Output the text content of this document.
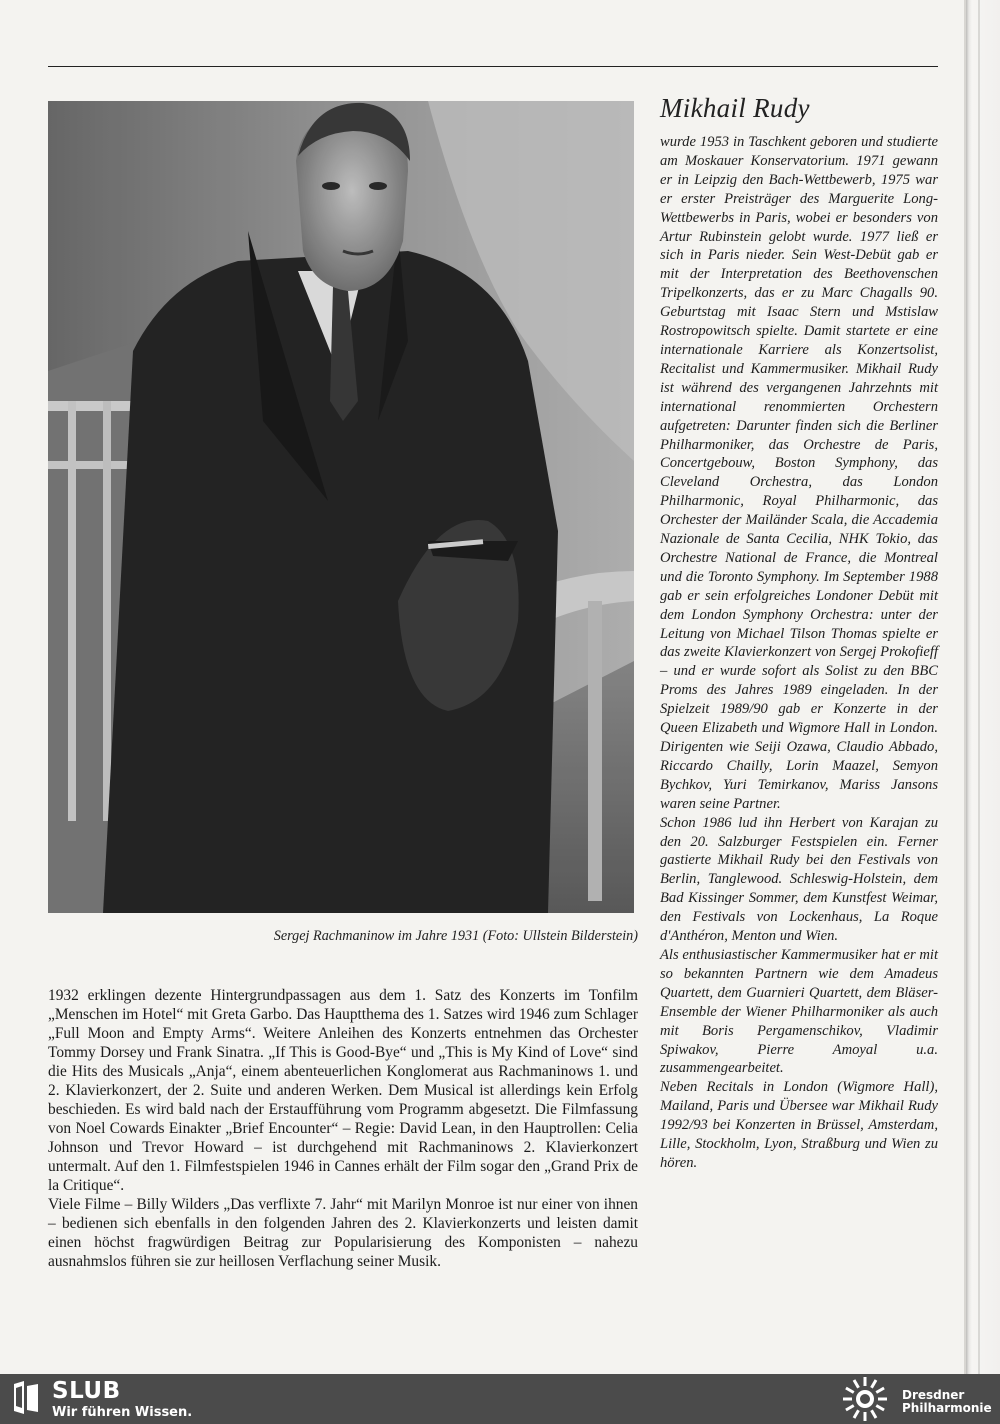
Sergej Rachmaninow im Jahre 1931 (Foto: Ullstein Bilderstein)

1932 erklingen dezente Hintergrundpassagen aus dem 1. Satz des Konzerts im Tonfilm „Menschen im Hotel“ mit Greta Garbo. Das Hauptthema des 1. Satzes wird 1946 zum Schlager „Full Moon and Empty Arms“. Weitere Anleihen des Konzerts entnehmen das Orchester Tommy Dorsey und Frank Sinatra. „If This is Good-Bye“ und „This is My Kind of Love“ sind die Hits des Musicals „Anja“, einem abenteuerlichen Konglomerat aus Rachmaninows 1. und 2. Klavierkonzert, der 2. Suite und anderen Werken. Dem Musical ist allerdings kein Erfolg beschieden. Es wird bald nach der Erstaufführung vom Programm abgesetzt. Die Filmfassung von Noel Cowards Einakter „Brief Encounter“ – Regie: David Lean, in den Hauptrollen: Celia Johnson und Trevor Howard – ist durchgehend mit Rachmaninows 2. Klavierkonzert untermalt. Auf den 1. Filmfestspielen 1946 in Cannes erhält der Film sogar den „Grand Prix de la Critique“.

Viele Filme – Billy Wilders „Das verflixte 7. Jahr“ mit Marilyn Monroe ist nur einer von ihnen – bedienen sich ebenfalls in den folgenden Jahren des 2. Klavierkonzerts und leisten damit einen höchst fragwürdigen Beitrag zur Popularisierung des Komponisten – nahezu ausnahmslos führen sie zur heillosen Verflachung seiner Musik.

Mikhail Rudy

wurde 1953 in Taschkent geboren und studierte am Moskauer Konservatorium. 1971 gewann er in Leipzig den Bach-Wettbewerb, 1975 war er erster Preisträger des Marguerite Long-Wettbewerbs in Paris, wobei er besonders von Artur Rubinstein gelobt wurde. 1977 ließ er sich in Paris nieder. Sein West-Debüt gab er mit der Interpretation des Beethovenschen Tripelkonzerts, das er zu Marc Chagalls 90. Geburtstag mit Isaac Stern und Mstislaw Rostropowitsch spielte. Damit startete er eine internationale Karriere als Konzertsolist, Recitalist und Kammermusiker. Mikhail Rudy ist während des vergangenen Jahrzehnts mit international renommierten Orchestern aufgetreten: Darunter finden sich die Berliner Philharmoniker, das Orchestre de Paris, Concertgebouw, Boston Symphony, das Cleveland Orchestra, das London Philharmonic, Royal Philharmonic, das Orchester der Mailänder Scala, die Accademia Nazionale de Santa Cecilia, NHK Tokio, das Orchestre National de France, die Montreal und die Toronto Symphony. Im September 1988 gab er sein erfolgreiches Londoner Debüt mit dem London Symphony Orchestra: unter der Leitung von Michael Tilson Thomas spielte er das zweite Klavierkonzert von Sergej Prokofieff – und er wurde sofort als Solist zu den BBC Proms des Jahres 1989 eingeladen. In der Spielzeit 1989/90 gab er Konzerte in der Queen Elizabeth und Wigmore Hall in London. Dirigenten wie Seiji Ozawa, Claudio Abbado, Riccardo Chailly, Lorin Maazel, Semyon Bychkov, Yuri Temirkanov, Mariss Jansons waren seine Partner.

Schon 1986 lud ihn Herbert von Karajan zu den 20. Salzburger Festspielen ein. Ferner gastierte Mikhail Rudy bei den Festivals von Berlin, Tanglewood. Schleswig-Holstein, dem Bad Kissinger Sommer, dem Kunstfest Weimar, den Festivals von Lockenhaus, La Roque d'Anthéron, Menton und Wien.

Als enthusiastischer Kammermusiker hat er mit so bekannten Partnern wie dem Amadeus Quartett, dem Guarnieri Quartett, dem Bläser-Ensemble der Wiener Philharmoniker als auch mit Boris Pergamenschikov, Vladimir Spiwakov, Pierre Amoyal u.a. zusammengearbeitet.

Neben Recitals in London (Wigmore Hall), Mailand, Paris und Übersee war Mikhail Rudy 1992/93 bei Konzerten in Brüssel, Amsterdam, Lille, Stockholm, Lyon, Straßburg und Wien zu hören.

SLUB
Wir führen Wissen.
Dresdner
Philharmonie
